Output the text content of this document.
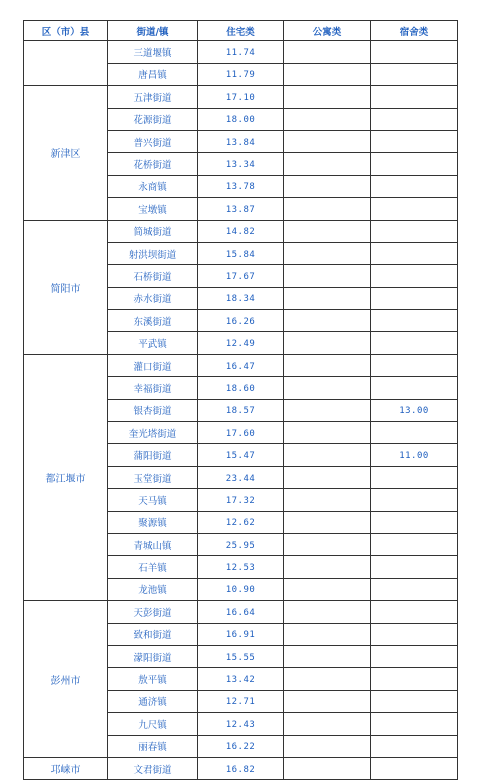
区（市）县	街道/镇	住宅类	公寓类	宿舍类
	三道堰镇	11.74		
	唐昌镇	11.79		
新津区	五津街道	17.10		
	花源街道	18.00		
	普兴街道	13.84		
	花桥街道	13.34		
	永商镇	13.78		
	宝墩镇	13.87		
简阳市	简城街道	14.82		
	射洪坝街道	15.84		
	石桥街道	17.67		
	赤水街道	18.34		
	东溪街道	16.26		
	平武镇	12.49		
都江堰市	灌口街道	16.47		
	幸福街道	18.60		
	银杏街道	18.57		13.00
	奎光塔街道	17.60		
	蒲阳街道	15.47		11.00
	玉堂街道	23.44		
	天马镇	17.32		
	聚源镇	12.62		
	青城山镇	25.95		
	石羊镇	12.53		
	龙池镇	10.90		
彭州市	天彭街道	16.64		
	致和街道	16.91		
	濛阳街道	15.55		
	敖平镇	13.42		
	通济镇	12.71		
	九尺镇	12.43		
	丽春镇	16.22		
邛崃市	文君街道	16.82		
